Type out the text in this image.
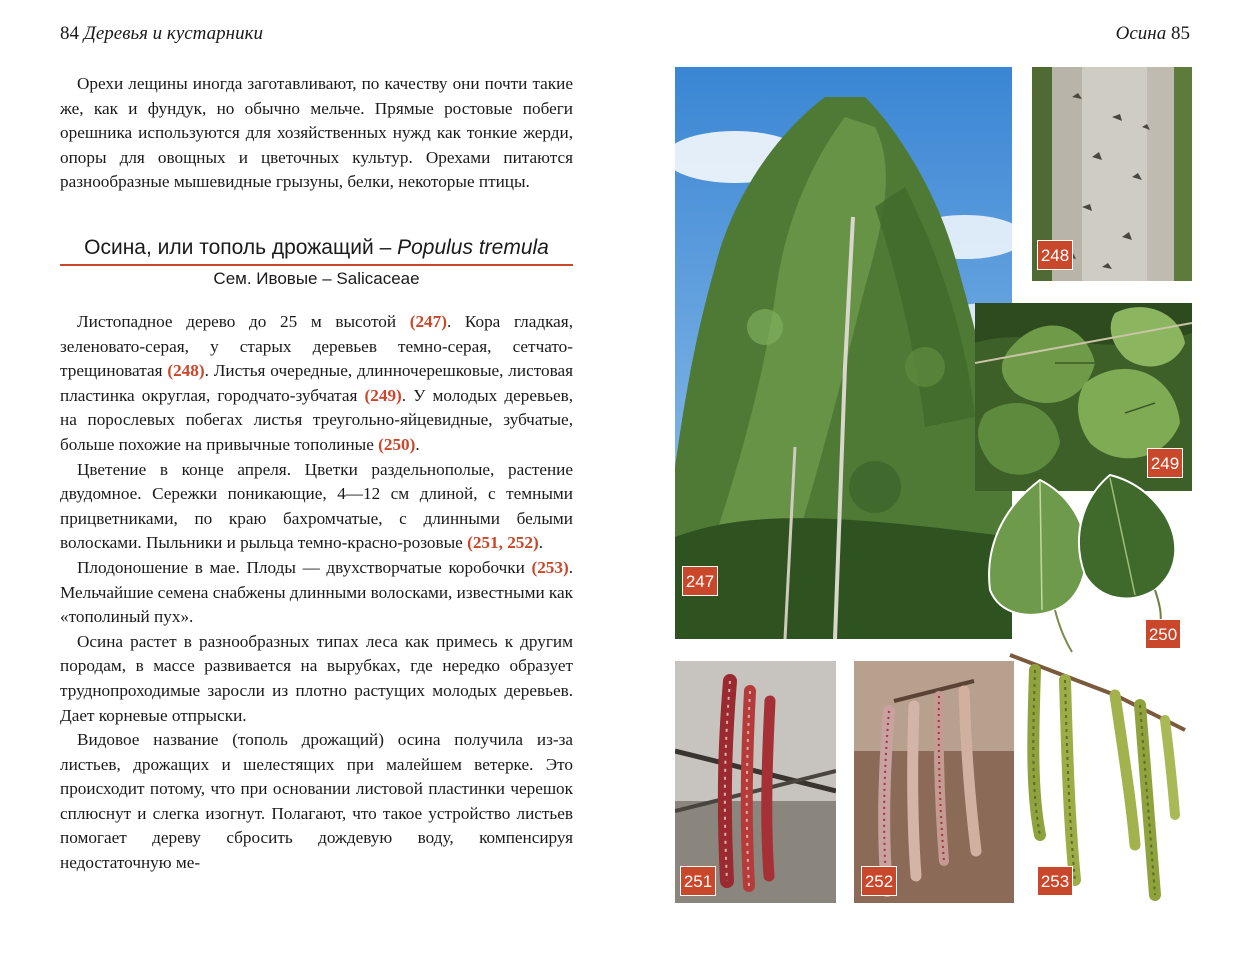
84 Деревья и кустарники

Орехи лещины иногда заготавливают, по качеству они почти такие же, как и фундук, но обычно мельче. Прямые ростовые побеги орешника используются для хозяйственных нужд как тонкие жерди, опоры для овощных и цветочных культур. Орехами питаются разнообразные мышевидные грызуны, белки, некоторые птицы.

Осина, или тополь дрожащий – Populus tremula
Сем. Ивовые – Salicaceae

Листопадное дерево до 25 м высотой (247). Кора гладкая, зеленовато-серая, у старых деревьев темно-серая, сетчато-трещиноватая (248). Листья очередные, длинночерешковые, листовая пластинка округлая, городчато-зубчатая (249). У молодых деревьев, на порослевых побегах листья треугольно-яйцевидные, зубчатые, больше похожие на привычные тополиные (250).

Цветение в конце апреля. Цветки раздельнополые, растение двудомное. Сережки поникающие, 4—12 см длиной, с темными прицветниками, по краю бахромчатые, с длинными белыми волосками. Пыльники и рыльца темно-красно-розовые (251, 252).

Плодоношение в мае. Плоды — двухстворчатые коробочки (253). Мельчайшие семена снабжены длинными волосками, известными как «тополиный пух».

Осина растет в разнообразных типах леса как примесь к другим породам, в массе развивается на вырубках, где нередко образует труднопроходимые заросли из плотно растущих молодых деревьев. Дает корневые отпрыски.

Видовое название (тополь дрожащий) осина получила из-за листьев, дрожащих и шелестящих при малейшем ветерке. Это происходит потому, что при основании листовой пластинки черешок сплюснут и слегка изогнут. Полагают, что такое устройство листьев помогает дереву сбросить дождевую воду, компенсируя недостаточную ме-

Осина 85
247
248
249
250
251	252	253
